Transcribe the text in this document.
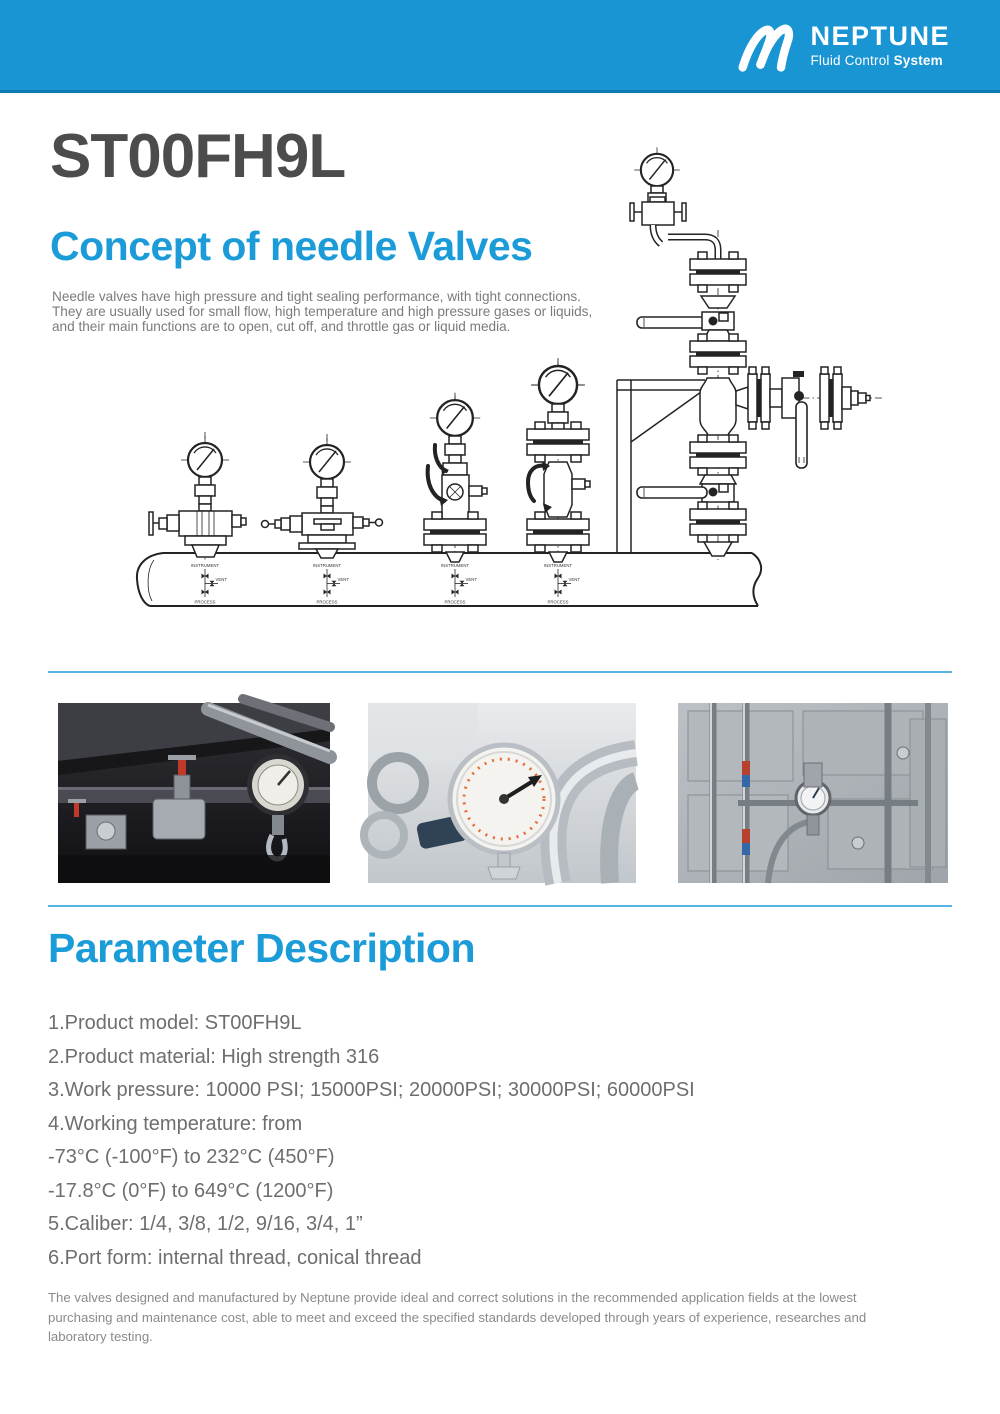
NEPTUNE
Fluid Control System
ST00FH9L
Concept of needle Valves
Needle valves have high pressure and tight sealing performance, with tight connections.
They are usually used for small flow, high temperature and high pressure gases or liquids,
and their main functions are to open, cut off, and throttle gas or liquid media.
Parameter Description
1.Product model: ST00FH9L
2.Product material: High strength 316
3.Work pressure: 10000 PSI; 15000PSI; 20000PSI; 30000PSI; 60000PSI
4.Working temperature: from
-73°C (-100°F) to 232°C (450°F)
-17.8°C (0°F) to 649°C (1200°F)
5.Caliber: 1/4, 3/8, 1/2, 9/16, 3/4, 1”
6.Port form: internal thread, conical thread
The valves designed and manufactured by Neptune provide ideal and correct solutions in the recommended application fields at the lowest
purchasing and maintenance cost, able to meet and exceed the specified standards developed through years of experience, researches and
laboratory testing.
